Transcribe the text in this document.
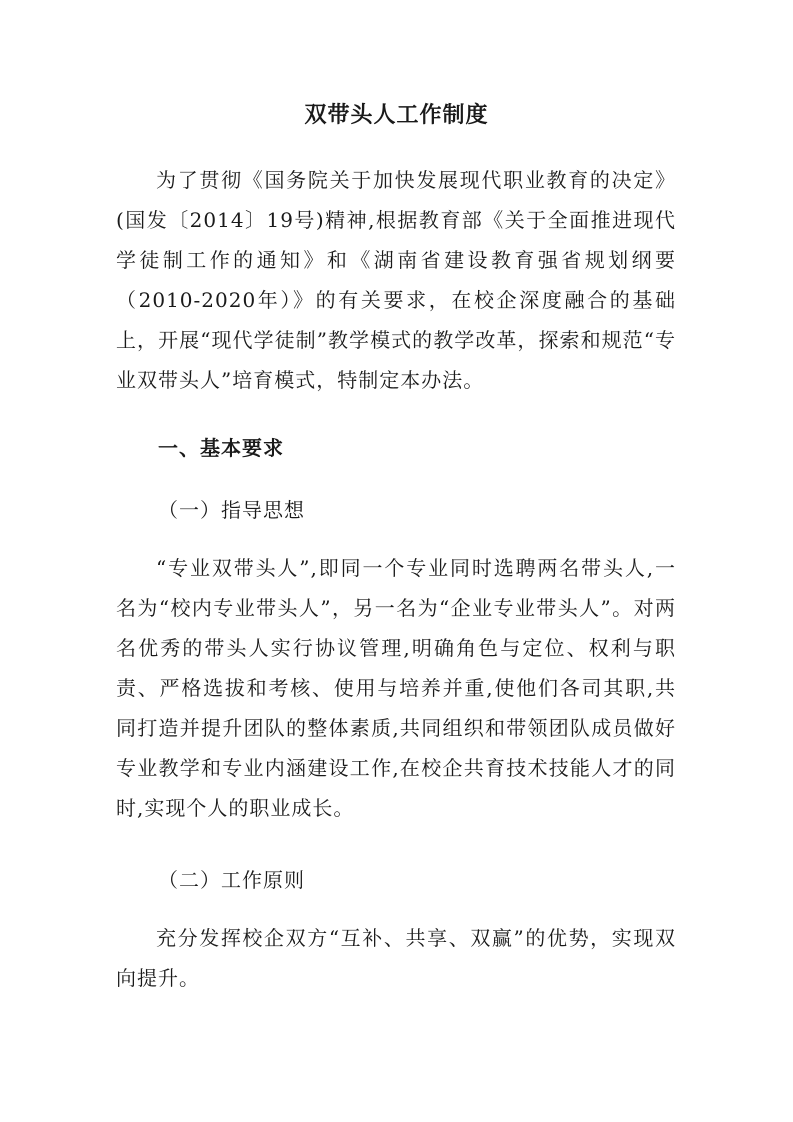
双带头人工作制度
为了贯彻《国务院关于加快发展现代职业教育的决定》(国发〔2014〕19号)精神,根据教育部《关于全面推进现代学徒制工作的通知》和《湖南省建设教育强省规划纲要（2010-2020年）》的有关要求，在校企深度融合的基础上，开展“现代学徒制”教学模式的教学改革，探索和规范“专业双带头人”培育模式，特制定本办法。
一、基本要求
（一）指导思想
“专业双带头人”,即同一个专业同时选聘两名带头人,一名为“校内专业带头人”，另一名为“企业专业带头人”。对两名优秀的带头人实行协议管理,明确角色与定位、权利与职责、严格选拔和考核、使用与培养并重,使他们各司其职,共同打造并提升团队的整体素质,共同组织和带领团队成员做好专业教学和专业内涵建设工作,在校企共育技术技能人才的同时,实现个人的职业成长。
（二）工作原则
充分发挥校企双方“互补、共享、双赢”的优势，实现双向提升。
